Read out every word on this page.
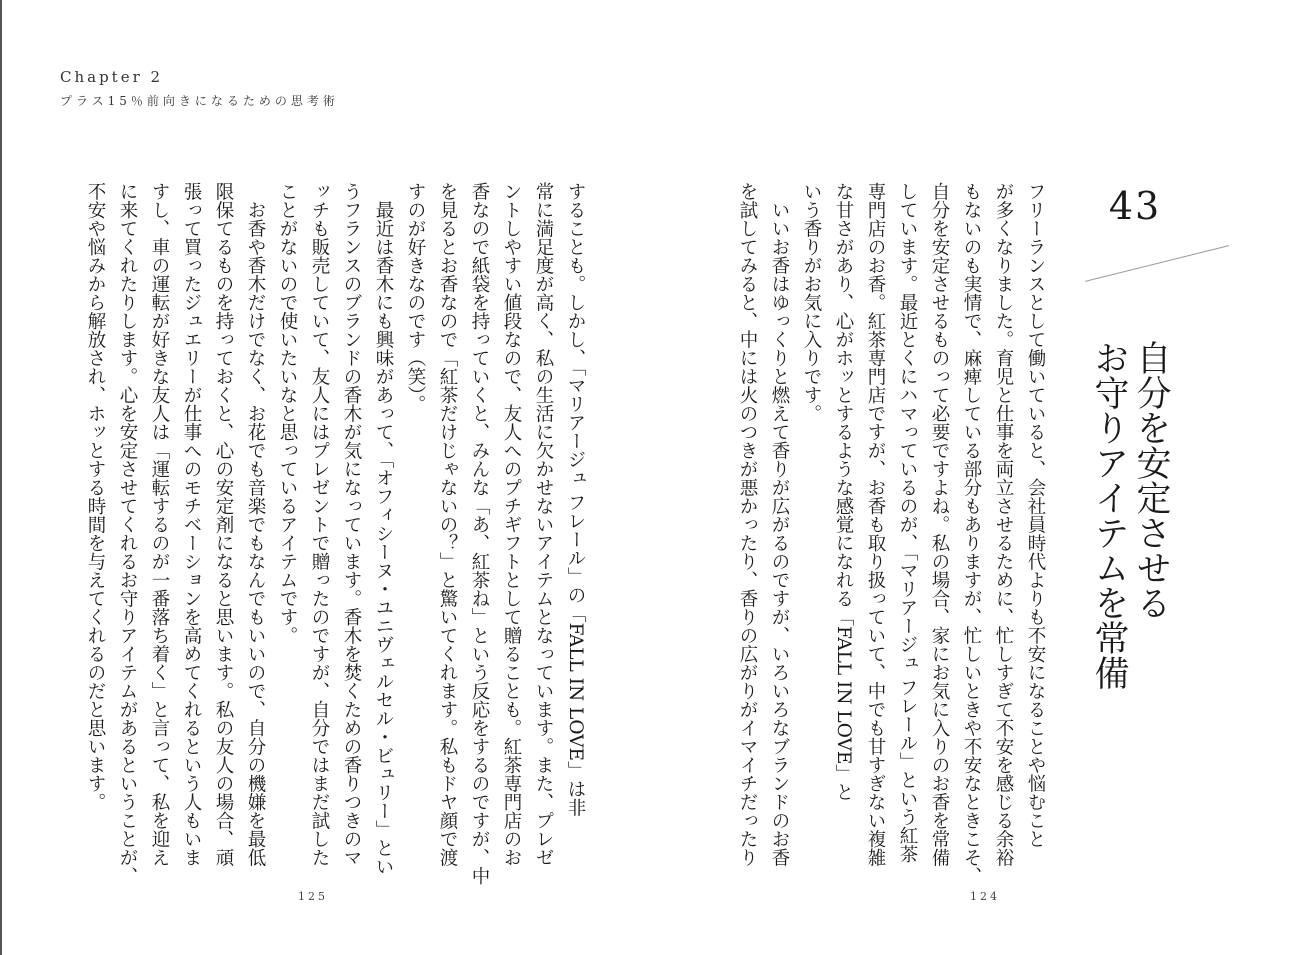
Chapter 2
プラス15％前向きになるための思考術
することも。しかし、「マリアージュ フレール」の「FALL IN LOVE」は非
常に満足度が高く、私の生活に欠かせないアイテムとなっています。また、プレゼ
ントしやすい値段なので、友人へのプチギフトとして贈ることも。紅茶専門店のお
香なので紙袋を持っていくと、みんな「あ、紅茶ね」という反応をするのですが、中
を見るとお香なので「紅茶だけじゃないの？」と驚いてくれます。私もドヤ顔で渡
すのが好きなのです（笑）。
　最近は香木にも興味があって、「オフィシーヌ・ユニヴェルセル・ビュリー」とい
うフランスのブランドの香木が気になっています。香木を焚くための香りつきのマ
ッチも販売していて、友人にはプレゼントで贈ったのですが、自分ではまだ試した
ことがないので使いたいなと思っているアイテムです。
　お香や香木だけでなく、お花でも音楽でもなんでもいいので、自分の機嫌を最低
限保てるものを持っておくと、心の安定剤になると思います。私の友人の場合、頑
張って買ったジュエリーが仕事へのモチベーションを高めてくれるという人もいま
すし、車の運転が好きな友人は「運転するのが一番落ち着く」と言って、私を迎え
に来てくれたりします。心を安定させてくれるお守りアイテムがあるということが、
不安や悩みから解放され、ホッとする時間を与えてくれるのだと思います。	43
自分を安定させる
お守りアイテムを常備
フリーランスとして働いていると、会社員時代よりも不安になることや悩むこと
が多くなりました。育児と仕事を両立させるために、忙しすぎて不安を感じる余裕
もないのも実情で、麻痺している部分もありますが、忙しいときや不安なときこそ、
自分を安定させるものって必要ですよね。私の場合、家にお気に入りのお香を常備
しています。最近とくにハマっているのが、「マリアージュ フレール」という紅茶
専門店のお香。紅茶専門店ですが、お香も取り扱っていて、中でも甘すぎない複雑
な甘さがあり、心がホッとするような感覚になれる「FALL IN LOVE」と
いう香りがお気に入りです。
　いいお香はゆっくりと燃えて香りが広がるのですが、いろいろなブランドのお香
を試してみると、中には火のつきが悪かったり、香りの広がりがイマイチだったり
125	124
